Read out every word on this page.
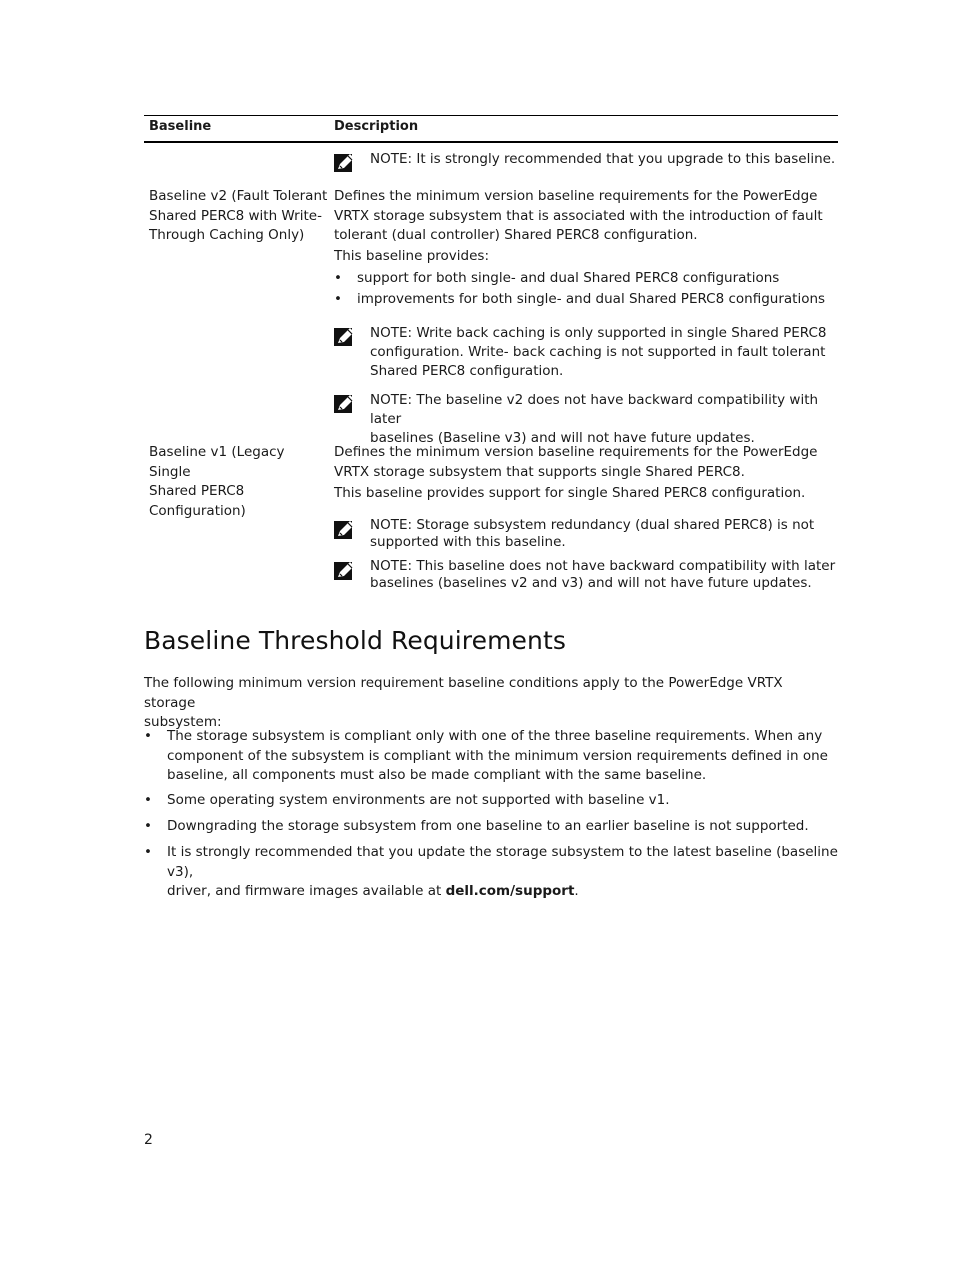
Baseline	Description
NOTE: It is strongly recommended that you upgrade to this baseline.
Baseline v2 (Fault Tolerant
Shared PERC8 with Write-
Through Caching Only)
Defines the minimum version baseline requirements for the PowerEdge
VRTX storage subsystem that is associated with the introduction of fault
tolerant (dual controller) Shared PERC8 configuration.
This baseline provides:
• support for both single- and dual Shared PERC8 configurations
• improvements for both single- and dual Shared PERC8 configurations
NOTE: Write back caching is only supported in single Shared PERC8
configuration. Write- back caching is not supported in fault tolerant
Shared PERC8 configuration.
NOTE: The baseline v2 does not have backward compatibility with later
baselines (Baseline v3) and will not have future updates.
Baseline v1 (Legacy Single
Shared PERC8
Configuration)
Defines the minimum version baseline requirements for the PowerEdge
VRTX storage subsystem that supports single Shared PERC8.
This baseline provides support for single Shared PERC8 configuration.
NOTE: Storage subsystem redundancy (dual shared PERC8) is not
supported with this baseline.
NOTE: This baseline does not have backward compatibility with later
baselines (baselines v2 and v3) and will not have future updates.
Baseline Threshold Requirements
The following minimum version requirement baseline conditions apply to the PowerEdge VRTX storage
subsystem:
• The storage subsystem is compliant only with one of the three baseline requirements. When any
component of the subsystem is compliant with the minimum version requirements defined in one
baseline, all components must also be made compliant with the same baseline.
• Some operating system environments are not supported with baseline v1.
• Downgrading the storage subsystem from one baseline to an earlier baseline is not supported.
• It is strongly recommended that you update the storage subsystem to the latest baseline (baseline v3),
driver, and firmware images available at dell.com/support.
2
